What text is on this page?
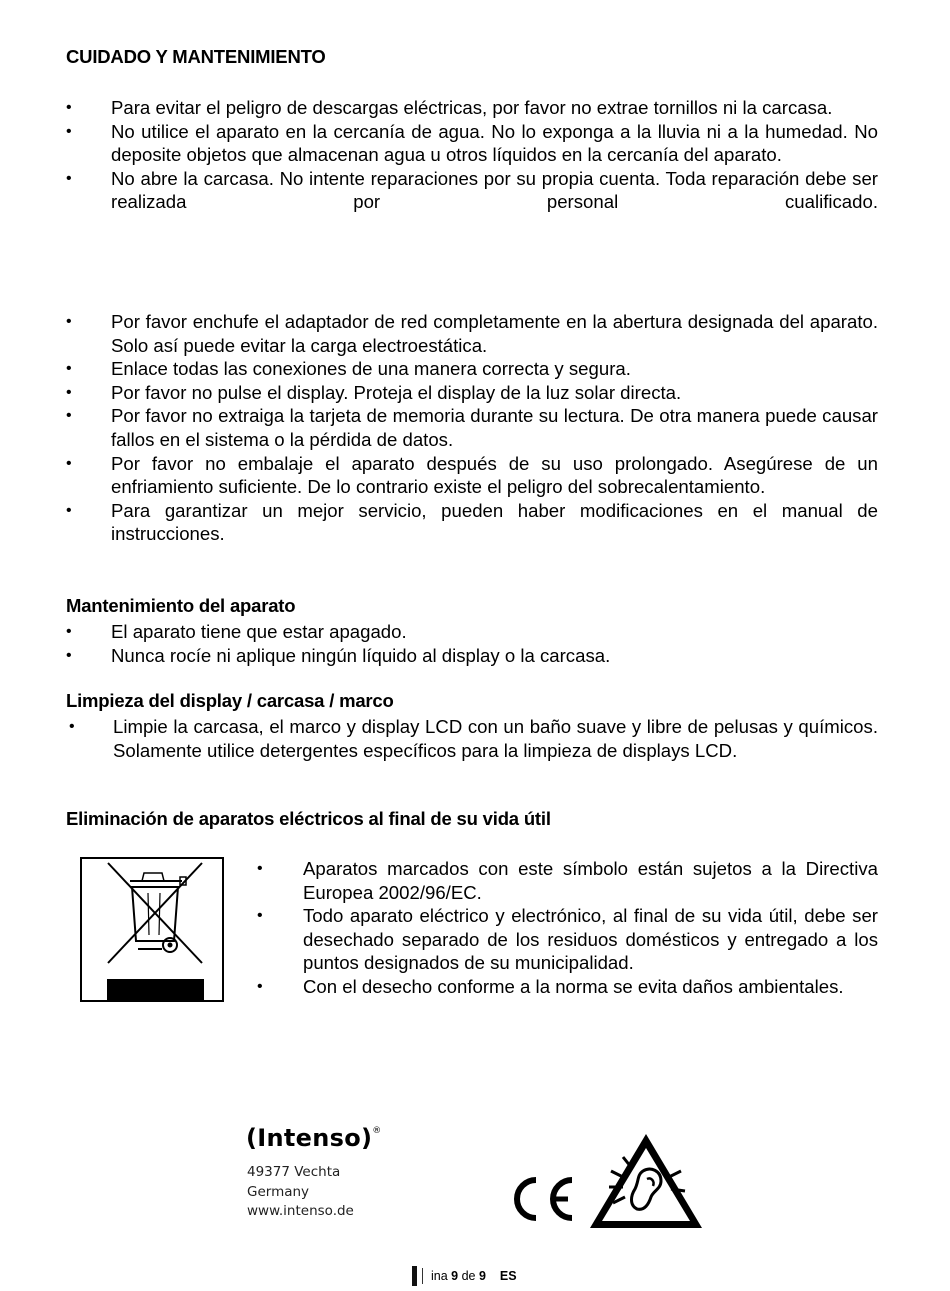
CUIDADO Y MANTENIMIENTO
• Para evitar el peligro de descargas eléctricas, por favor no extrae tornillos ni la carcasa.
• No utilice el aparato en la cercanía de agua. No lo exponga a la lluvia ni a la humedad. No deposite objetos que almacenan agua u otros líquidos en la cercanía del aparato.
• No abre la carcasa. No intente reparaciones por su propia cuenta. Toda reparación debe ser realizada por personal cualificado.
• Por favor enchufe el adaptador de red completamente en la abertura designada del aparato. Solo así puede evitar la carga electroestática.
• Enlace todas las conexiones de una manera correcta y segura.
• Por favor no pulse el display. Proteja el display de la luz solar directa.
• Por favor no extraiga la tarjeta de memoria durante su lectura. De otra manera puede causar fallos en el sistema o la pérdida de datos.
• Por favor no embalaje el aparato después de su uso prolongado. Asegúrese de un enfriamiento suficiente. De lo contrario existe el peligro del sobrecalentamiento.
• Para garantizar un mejor servicio, pueden haber modificaciones en el manual de instrucciones.
Mantenimiento del aparato
• El aparato tiene que estar apagado.
• Nunca rocíe ni aplique ningún líquido al display o la carcasa.
Limpieza del display / carcasa / marco
• Limpie la carcasa, el marco y display LCD con un baño suave y libre de pelusas y químicos. Solamente utilice detergentes específicos para la limpieza de displays LCD.
Eliminación de aparatos eléctricos al final de su vida útil
• Aparatos marcados con este símbolo están sujetos a la Directiva Europea 2002/96/EC.
• Todo aparato eléctrico y electrónico, al final de su vida útil, debe ser desechado separado de los residuos domésticos y entregado a los puntos designados de su municipalidad.
• Con el desecho conforme a la norma se evita daños ambientales.
(Intenso)®
49377 Vechta
Germany
www.intenso.de
ina 9 de 9 ES
